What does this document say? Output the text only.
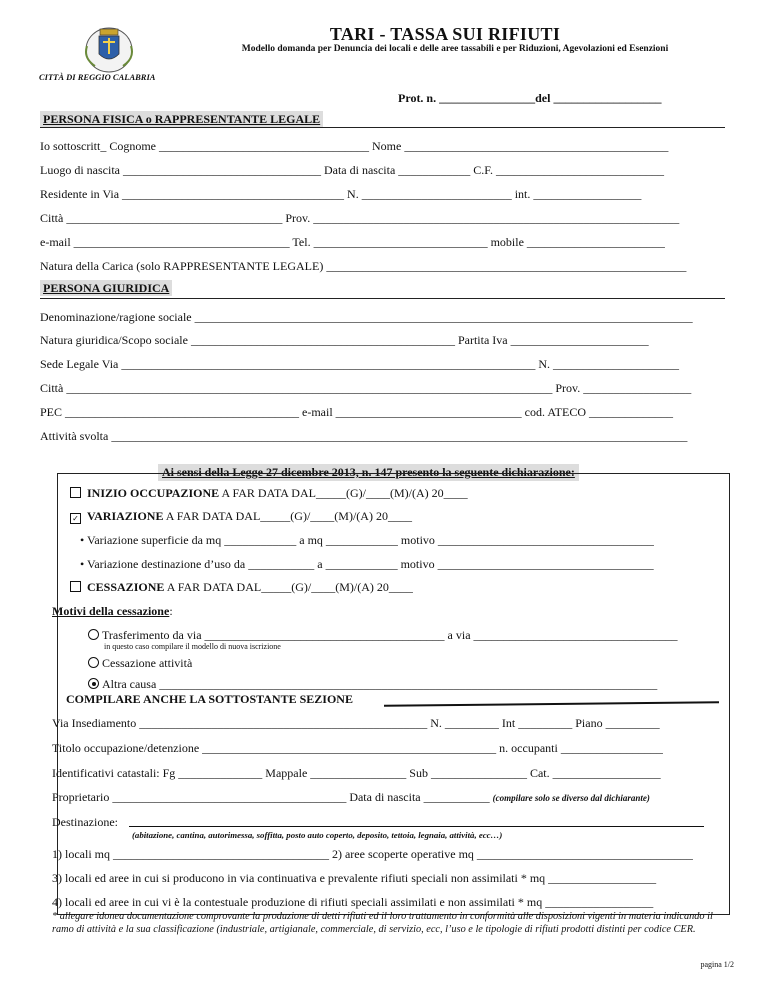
TARI - TASSA SUI RIFIUTI
Modello domanda per Denuncia dei locali e delle aree tassabili e per Riduzioni, Agevolazioni ed Esenzioni
CITTÀ DI REGGIO CALABRIA
Prot. n. ________________del __________________
PERSONA FISICA o RAPPRESENTANTE LEGALE
Io sottoscritt_ Cognome ___________________________________ Nome ____________________________________________
Luogo di nascita _________________________________ Data di nascita ____________ C.F. ____________________________
Residente in Via _____________________________________ N. _________________________ int. __________________
Città ____________________________________ Prov. _____________________________________________________________
e-mail ____________________________________ Tel. _____________________________ mobile _______________________
Natura della Carica (solo RAPPRESENTANTE LEGALE) ____________________________________________________________
PERSONA GIURIDICA
Denominazione/ragione sociale ___________________________________________________________________________________
Natura giuridica/Scopo sociale ____________________________________________ Partita Iva _______________________
Sede Legale Via _____________________________________________________________________ N. _____________________
Città _________________________________________________________________________________ Prov. __________________
PEC _______________________________________ e-mail _______________________________ cod. ATECO ______________
Attività svolta ________________________________________________________________________________________________
Ai sensi della Legge 27 dicembre 2013, n. 147 presento la seguente dichiarazione:
INIZIO OCCUPAZIONE A FAR DATA DAL_____(G)/____(M)/(A) 20____
✓ VARIAZIONE A FAR DATA DAL_____(G)/____(M)/(A) 20____
• Variazione superficie da mq ____________ a mq ____________ motivo ____________________________________
• Variazione destinazione d’uso da ___________ a ____________ motivo ____________________________________
CESSAZIONE A FAR DATA DAL_____(G)/____(M)/(A) 20____
Motivi della cessazione:
Trasferimento da via ________________________________________ a via __________________________________
in questo caso compilare il modello di nuova iscrizione
Cessazione attività
Altra causa ___________________________________________________________________________________
COMPILARE ANCHE LA SOTTOSTANTE SEZIONE
Via Insediamento ________________________________________________ N. _________ Int _________ Piano _________
Titolo occupazione/detenzione _________________________________________________ n. occupanti _________________
Identificativi catastali: Fg ______________ Mappale ________________ Sub ________________ Cat. __________________
Proprietario _______________________________________ Data di nascita ___________ (compilare solo se diverso dal dichiarante)
Destinazione:
(abitazione, cantina, autorimessa, soffitta, posto auto coperto, deposito, tettoia, legnaia, attività, ecc…)
1) locali mq ____________________________________ 2) aree scoperte operative mq ____________________________________
3) locali ed aree in cui si producono in via continuativa e prevalente rifiuti speciali non assimilati * mq __________________
4) locali ed aree in cui vi è la contestuale produzione di rifiuti speciali assimilati e non assimilati * mq __________________
* allegare idonea documentazione comprovante la produzione di detti rifiuti ed il loro trattamento in conformità alle disposizioni vigenti in materia indicando il ramo di attività e la sua classificazione (industriale, artigianale, commerciale, di servizio, ecc, l’uso e le tipologie di rifiuti prodotti distinti per codice CER.
pagina 1/2
